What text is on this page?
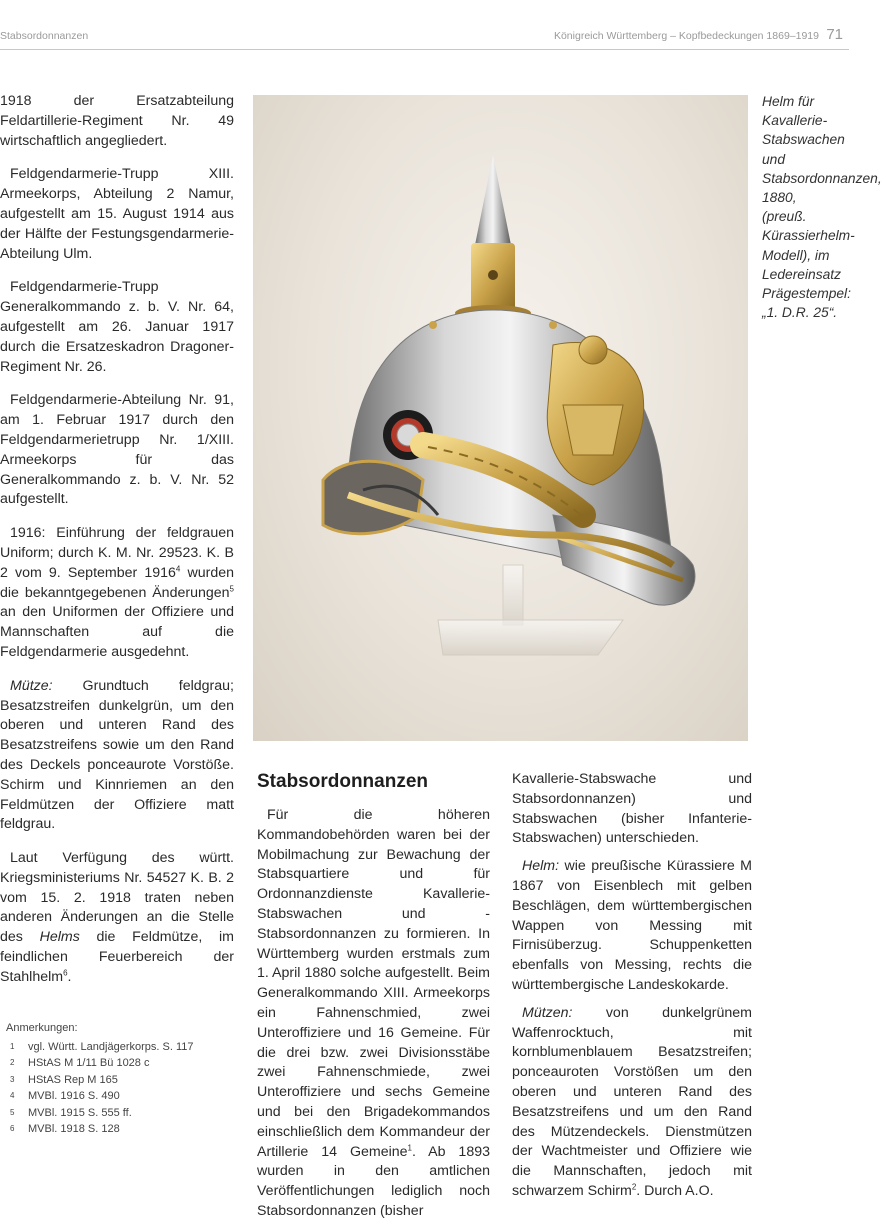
Stabsordonnanzen	Königreich Württemberg – Kopfbedeckungen 1869–1919 71

1918 der Ersatzabteilung Feldartillerie-Regiment Nr. 49 wirtschaftlich angegliedert.

Feldgendarmerie-Trupp XIII. Armeekorps, Abteilung 2 Namur, aufgestellt am 15. August 1914 aus der Hälfte der Festungsgendarmerie-Abteilung Ulm.

Feldgendarmerie-Trupp Generalkommando z. b. V. Nr. 64, aufgestellt am 26. Januar 1917 durch die Ersatzeskadron Dragoner-Regiment Nr. 26.

Feldgendarmerie-Abteilung Nr. 91, am 1. Februar 1917 durch den Feldgendarmerietrupp Nr. 1/XIII. Armeekorps für das Generalkommando z. b. V. Nr. 52 aufgestellt.

1916: Einführung der feldgrauen Uniform; durch K. M. Nr. 29523. K. B 2 vom 9. September 1916$^4$ wurden die bekanntgegebenen Änderungen$^5$ an den Uniformen der Offiziere und Mannschaften auf die Feldgendarmerie ausgedehnt.

Mütze: Grundtuch feldgrau; Besatzstreifen dunkelgrün, um den oberen und unteren Rand des Besatzstreifens sowie um den Rand des Deckels ponceaurote Vorstöße. Schirm und Kinnriemen an den Feldmützen der Offiziere matt feldgrau.

Laut Verfügung des württ. Kriegsministeriums Nr. 54527 K. B. 2 vom 15. 2. 1918 traten neben anderen Änderungen an die Stelle des Helms die Feldmütze, im feindlichen Feuerbereich der Stahlhelm$^6$.

Helm für Kavallerie-Stabswachen und Stabsordonnanzen, 1880, (preuß. Kürassierhelm-Modell), im Ledereinsatz Prägestempel: „1. D.R. 25“.
Stabsordonnanzen

Für die höheren Kommandobehörden waren bei der Mobilmachung zur Bewachung der Stabsquartiere und für Ordonnanzdienste Kavallerie-Stabswachen und -Stabsordonnanzen zu formieren. In Württemberg wurden erstmals zum 1. April 1880 solche aufgestellt. Beim Generalkommando XIII. Armeekorps ein Fahnenschmied, zwei Unteroffiziere und 16 Gemeine. Für die drei bzw. zwei Divisionsstäbe zwei Fahnenschmiede, zwei Unteroffiziere und sechs Gemeine und bei den Brigadekommandos einschließlich dem Kommandeur der Artillerie 14 Gemeine$^1$. Ab 1893 wurden in den amtlichen Veröffentlichungen lediglich noch Stabsordonnanzen (bisher

Kavallerie-Stabswache und Stabsordonnanzen) und Stabswachen (bisher Infanterie-Stabswachen) unterschieden.

Helm: wie preußische Kürassiere M 1867 von Eisenblech mit gelben Beschlägen, dem württembergischen Wappen von Messing mit Firnisüberzug. Schuppenketten ebenfalls von Messing, rechts die württembergische Landeskokarde.

Mützen: von dunkelgrünem Waffenrocktuch, mit kornblumenblauem Besatzstreifen; ponceauroten Vorstößen um den oberen und unteren Rand des Besatzstreifens und um den Rand des Mützendeckels. Dienstmützen der Wachtmeister und Offiziere wie die Mannschaften, jedoch mit schwarzem Schirm$^2$. Durch A.O.

Anmerkungen:
1	vgl. Württ. Landjägerkorps. S. 117
2	HStAS M 1/11 Bü 1028 c
3	HStAS Rep M 165
4	MVBl. 1916 S. 490
5	MVBl. 1915 S. 555 ff.
6	MVBl. 1918 S. 128
